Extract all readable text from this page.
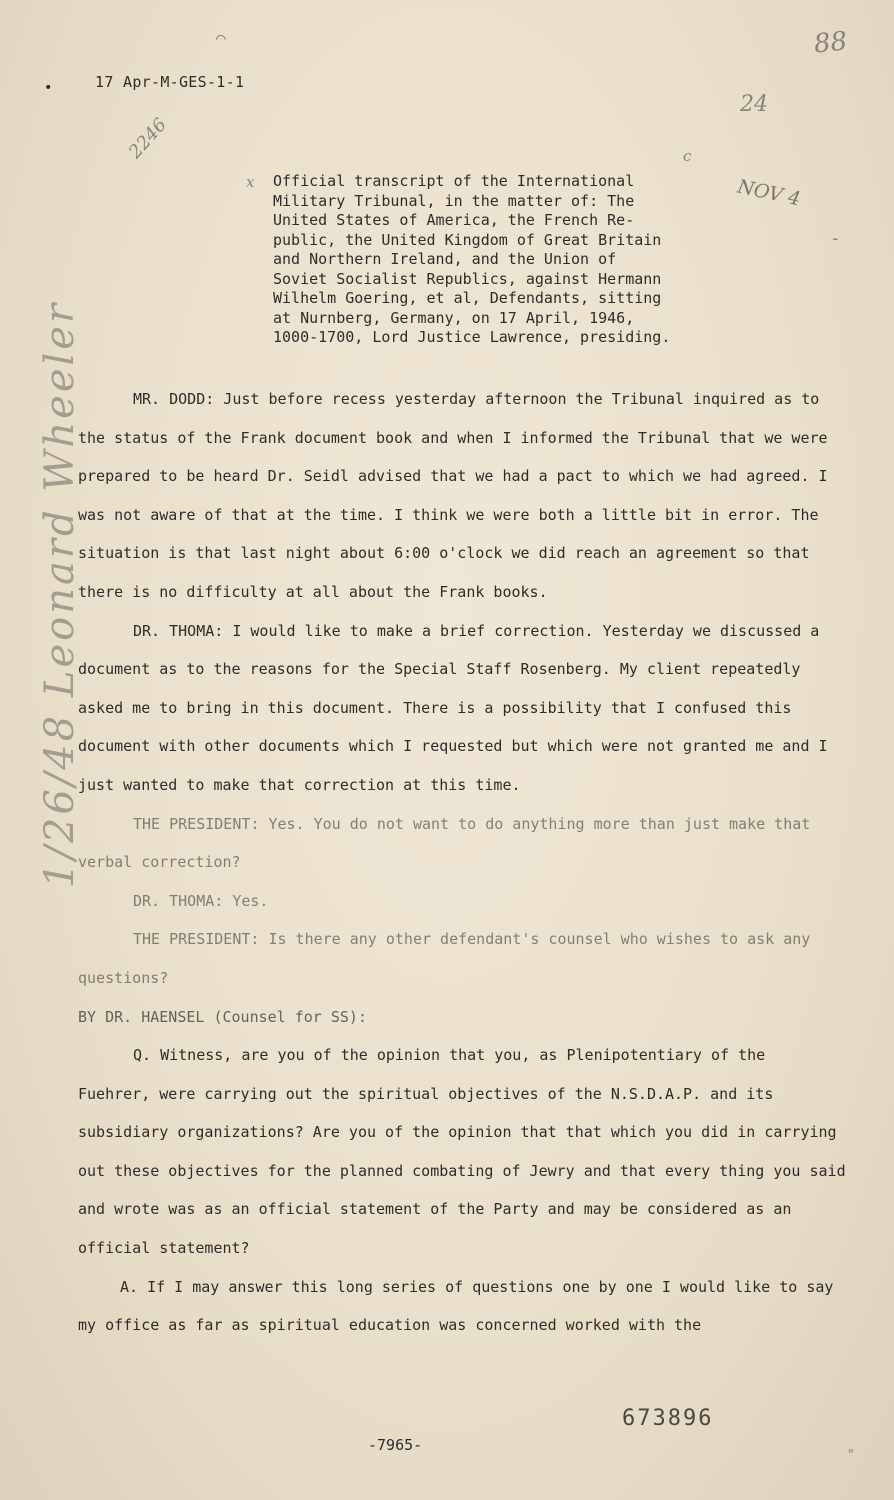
•
⌒
17 Apr-M-GES-1-1
88
24
2246	c
x	NOV 4
-
1/26/48 Leonard Wheeler
Official transcript of the International
Military Tribunal, in the matter of: The
United States of America, the French Re-
public, the United Kingdom of Great Britain
and Northern Ireland, and the Union of
Soviet Socialist Republics, against Hermann
Wilhelm Goering, et al, Defendants, sitting
at Nurnberg, Germany, on 17 April, 1946,
1000-1700, Lord Justice Lawrence, presiding.

MR. DODD: Just before recess yesterday afternoon the Tribunal inquired as to the status of the Frank document book and when I informed the Tribunal that we were prepared to be heard Dr. Seidl advised that we had a pact to which we had agreed. I was not aware of that at the time. I think we were both a little bit in error. The situation is that last night about 6:00 o'clock we did reach an agreement so that there is no difficulty at all about the Frank books.

DR. THOMA: I would like to make a brief correction. Yesterday we discussed a document as to the reasons for the Special Staff Rosenberg. My client repeatedly asked me to bring in this document. There is a possibility that I confused this document with other documents which I requested but which were not granted me and I just wanted to make that correction at this time.

THE PRESIDENT: Yes. You do not want to do anything more than just make that verbal correction?

DR. THOMA: Yes.

THE PRESIDENT: Is there any other defendant's counsel who wishes to ask any questions?

BY DR. HAENSEL (Counsel for SS):

Q. Witness, are you of the opinion that you, as Plenipotentiary of the Fuehrer, were carrying out the spiritual objectives of the N.S.D.A.P. and its subsidiary organizations? Are you of the opinion that that which you did in carrying out these objectives for the planned combating of Jewry and that every thing you said and wrote was as an official statement of the Party and may be considered as an official statement?

A. If I may answer this long series of questions one by one I would like to say my office as far as spiritual education was concerned worked with the

673896
-7965-
"
